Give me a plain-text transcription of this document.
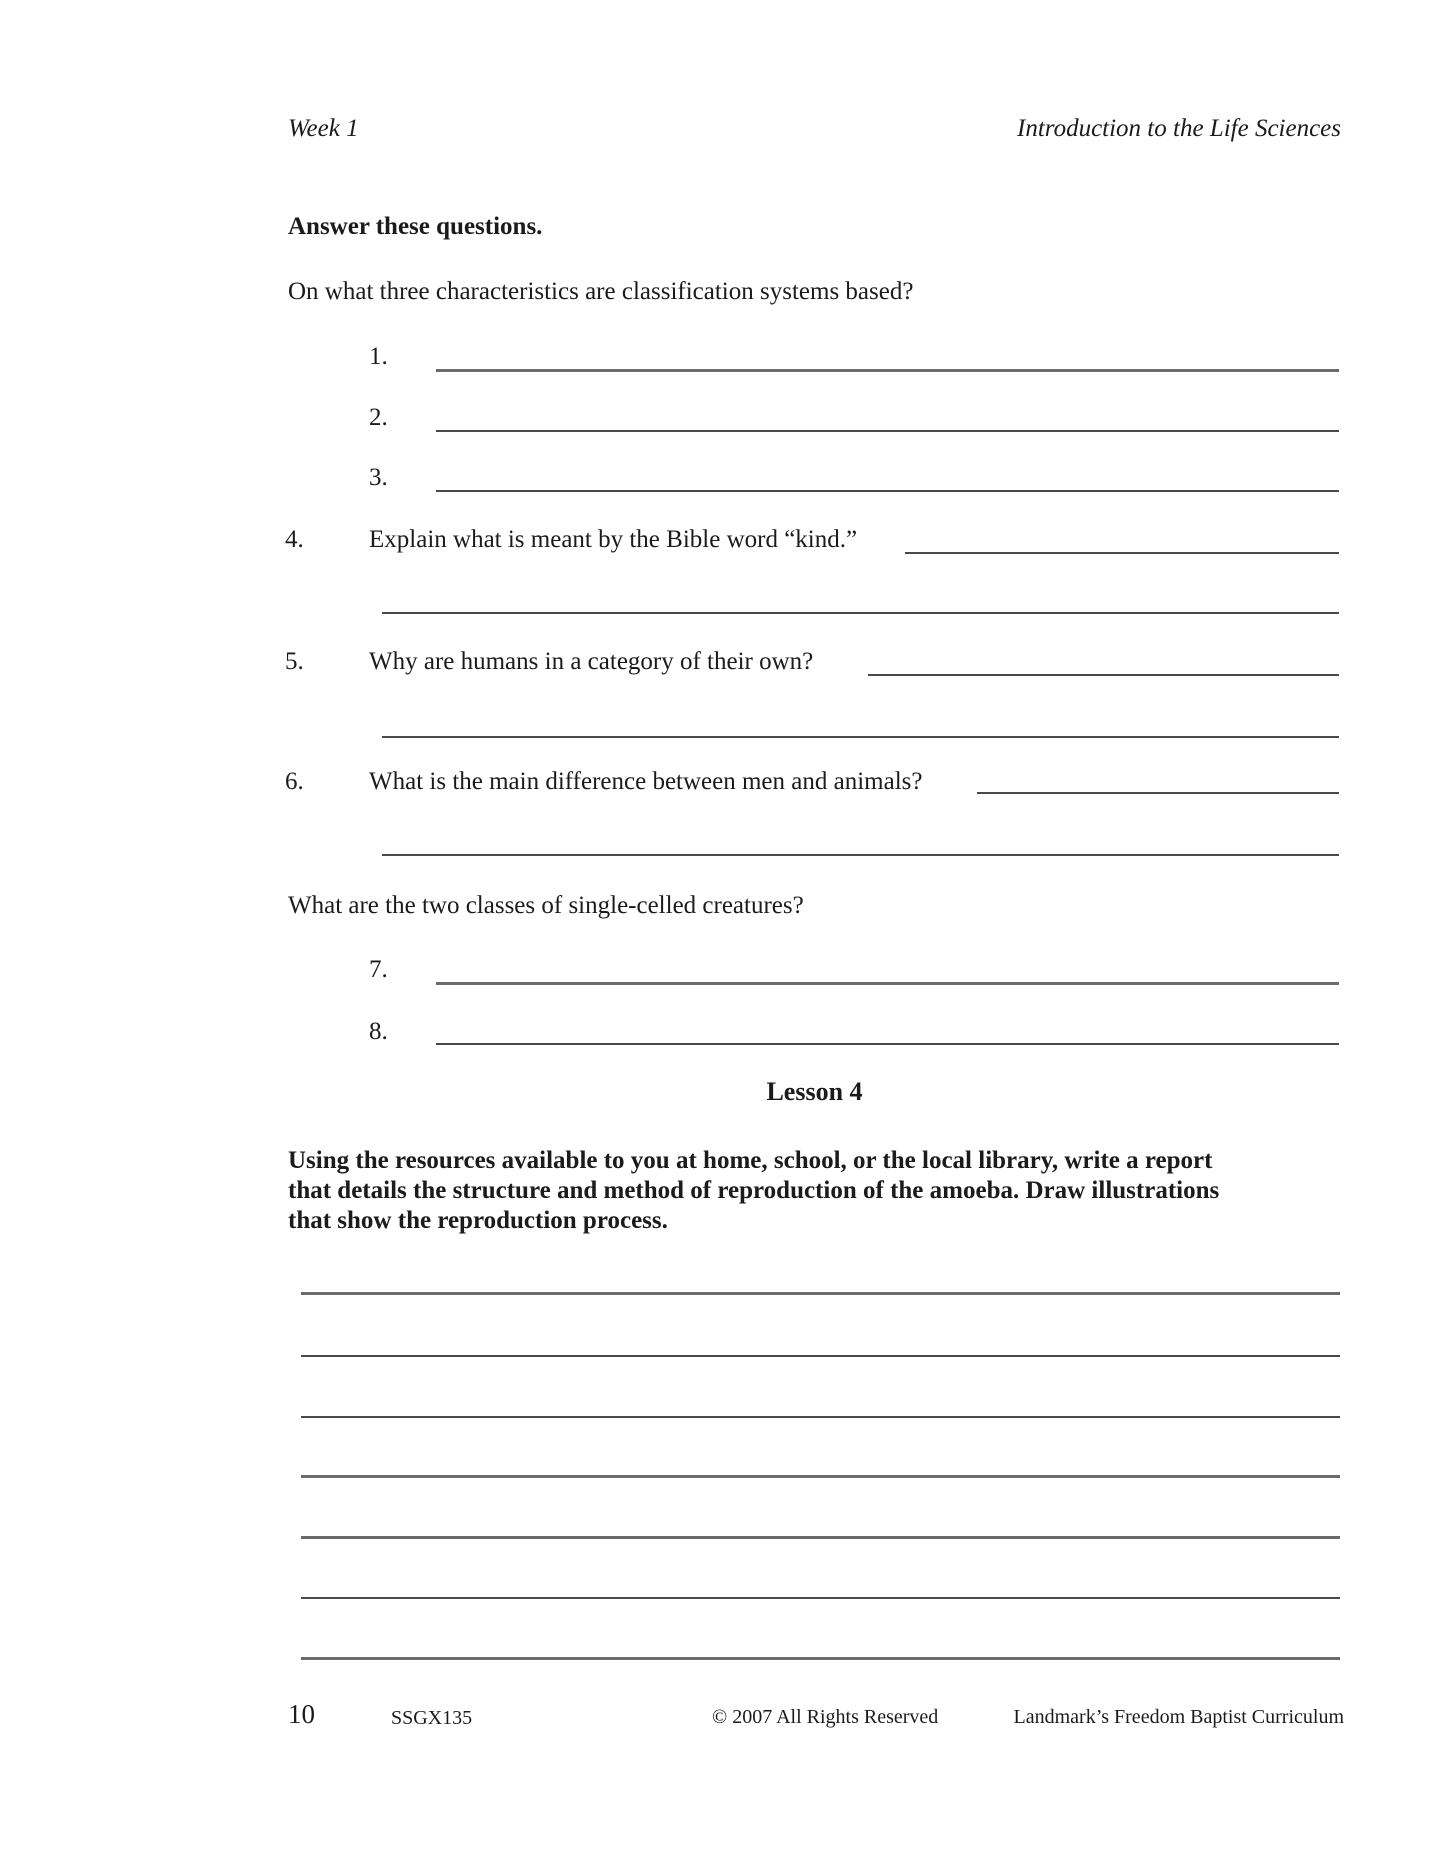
Week 1	Introduction to the Life Sciences
Answer these questions.
On what three characteristics are classification systems based?
1.
2.
3.
4.	Explain what is meant by the Bible word “kind.”
5.	Why are humans in a category of their own?
6.	What is the main difference between men and animals?
What are the two classes of single-celled creatures?
7.
8.
Lesson 4
Using the resources available to you at home, school, or the local library, write a report
that details the structure and method of reproduction of the amoeba. Draw illustrations
that show the reproduction process.
10	SSGX135	© 2007 All Rights Reserved	Landmark’s Freedom Baptist Curriculum
